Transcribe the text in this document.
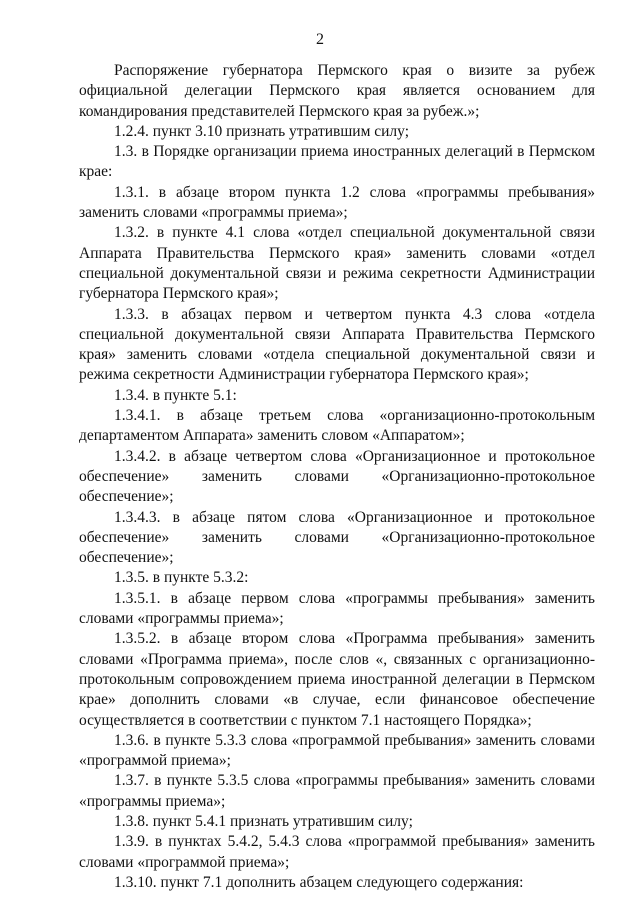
2

Распоряжение губернатора Пермского края о визите за рубеж официальной делегации Пермского края является основанием для командирования представителей Пермского края за рубеж.»;

1.2.4. пункт 3.10 признать утратившим силу;

1.3. в Порядке организации приема иностранных делегаций в Пермском крае:

1.3.1. в абзаце втором пункта 1.2 слова «программы пребывания» заменить словами «программы приема»;

1.3.2. в пункте 4.1 слова «отдел специальной документальной связи Аппарата Правительства Пермского края» заменить словами «отдел специальной документальной связи и режима секретности Администрации губернатора Пермского края»;

1.3.3. в абзацах первом и четвертом пункта 4.3 слова «отдела специальной документальной связи Аппарата Правительства Пермского края» заменить словами «отдела специальной документальной связи и режима секретности Администрации губернатора Пермского края»;

1.3.4. в пункте 5.1:

1.3.4.1. в абзаце третьем слова «организационно-протокольным департаментом Аппарата» заменить словом «Аппаратом»;

1.3.4.2. в абзаце четвертом слова «Организационное и протокольное обеспечение» заменить словами «Организационно-протокольное обеспечение»;

1.3.4.3. в абзаце пятом слова «Организационное и протокольное обеспечение» заменить словами «Организационно-протокольное обеспечение»;

1.3.5. в пункте 5.3.2:

1.3.5.1. в абзаце первом слова «программы пребывания» заменить словами «программы приема»;

1.3.5.2. в абзаце втором слова «Программа пребывания» заменить словами «Программа приема», после слов «, связанных с организационно-протокольным сопровождением приема иностранной делегации в Пермском крае» дополнить словами «в случае, если финансовое обеспечение осуществляется в соответствии с пунктом 7.1 настоящего Порядка»;

1.3.6. в пункте 5.3.3 слова «программой пребывания» заменить словами «программой приема»;

1.3.7. в пункте 5.3.5 слова «программы пребывания» заменить словами «программы приема»;

1.3.8. пункт 5.4.1 признать утратившим силу;

1.3.9. в пунктах 5.4.2, 5.4.3 слова «программой пребывания» заменить словами «программой приема»;

1.3.10. пункт 7.1 дополнить абзацем следующего содержания:
